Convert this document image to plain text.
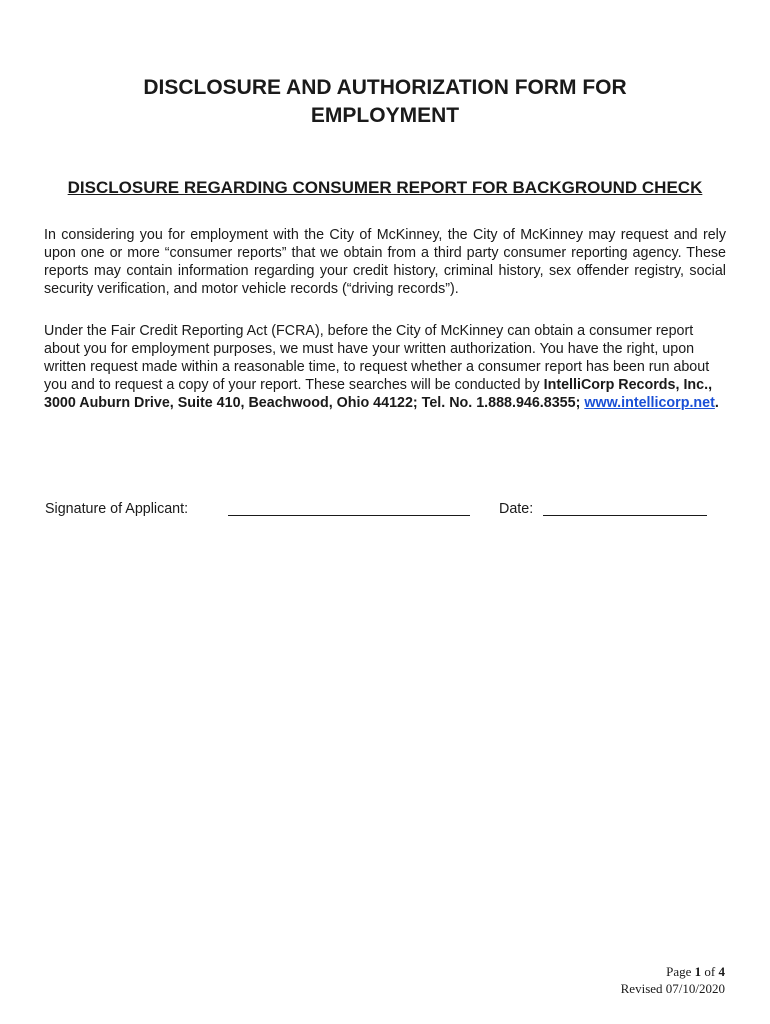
DISCLOSURE AND AUTHORIZATION FORM FOR
EMPLOYMENT
DISCLOSURE REGARDING CONSUMER REPORT FOR BACKGROUND CHECK

In considering you for employment with the City of McKinney, the City of McKinney may request and rely upon one or more “consumer reports” that we obtain from a third party consumer reporting agency. These reports may contain information regarding your credit history, criminal history, sex offender registry, social security verification, and motor vehicle records (“driving records”).

Under the Fair Credit Reporting Act (FCRA), before the City of McKinney can obtain a consumer report about you for employment purposes, we must have your written authorization. You have the right, upon written request made within a reasonable time, to request whether a consumer report has been run about you and to request a copy of your report. These searches will be conducted by IntelliCorp Records, Inc., 3000 Auburn Drive, Suite 410, Beachwood, Ohio 44122; Tel. No. 1.888.946.8355; www.intellicorp.net.

Signature of Applicant:	Date:
Page 1 of 4
Revised 07/10/2020
